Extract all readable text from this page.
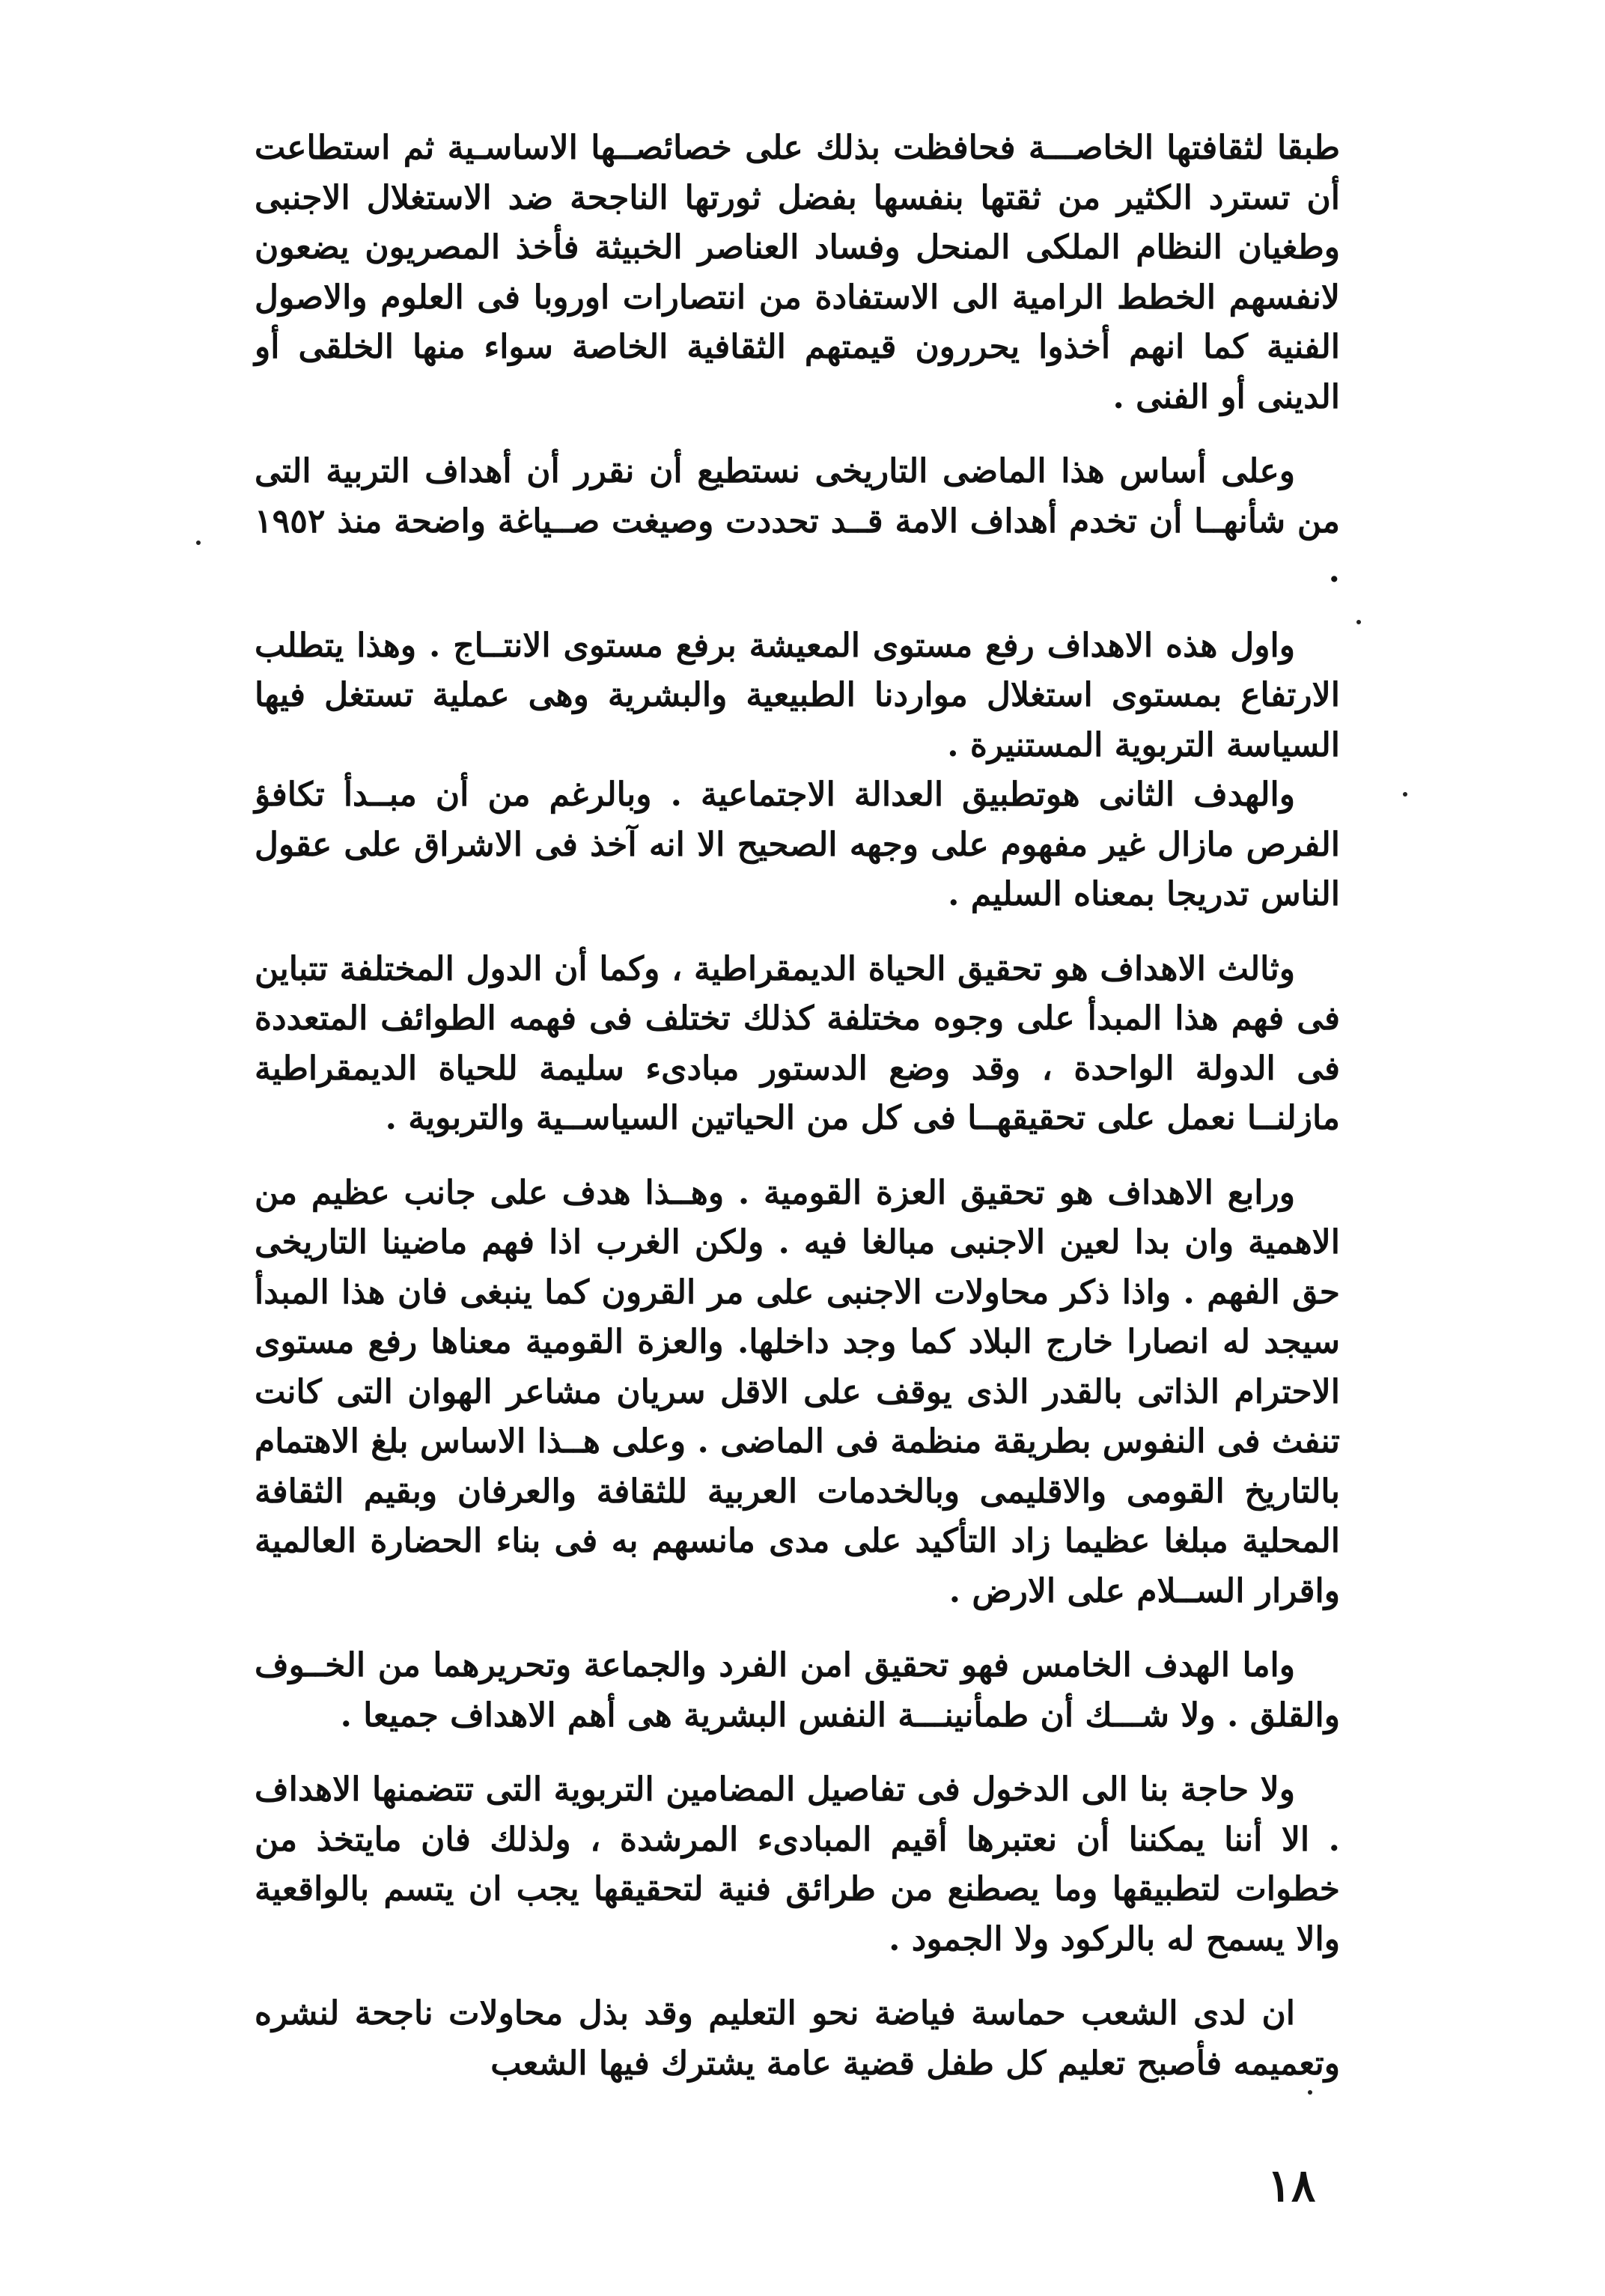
طبقا لثقافتها الخاصـــة فحافظت بذلك على خصائصــها الاساسـية ثم استطاعت أن تسترد الكثير من ثقتها بنفسها بفضل ثورتها الناجحة ضد الاستغلال الاجنبى وطغيان النظام الملكى المنحل وفساد العناصر الخبيثة فأخذ المصريون يضعون لانفسهم الخطط الرامية الى الاستفادة من انتصارات اوروبا فى العلوم والاصول الفنية كما انهم أخذوا يحررون قيمتهم الثقافية الخاصة سواء منها الخلقى أو الدينى أو الفنى .

وعلى أساس هذا الماضى التاريخى نستطيع أن نقرر أن أهداف التربية التى من شأنهــا أن تخدم أهداف الامة قــد تحددت وصيغت صــياغة واضحة منذ ١٩٥٢ .

واول هذه الاهداف رفع مستوى المعيشة برفع مستوى الانتــاج . وهذا يتطلب الارتفاع بمستوى استغلال مواردنا الطبيعية والبشرية وهى عملية تستغل فيها السياسة التربوية المستنيرة .

والهدف الثانى هوتطبيق العدالة الاجتماعية . وبالرغم من أن مبــدأ تكافؤ الفرص مازال غير مفهوم على وجهه الصحيح الا انه آخذ فى الاشراق على عقول الناس تدريجا بمعناه السليم .

وثالث الاهداف هو تحقيق الحياة الديمقراطية ، وكما أن الدول المختلفة تتباين فى فهم هذا المبدأ على وجوه مختلفة كذلك تختلف فى فهمه الطوائف المتعددة فى الدولة الواحدة ، وقد وضع الدستور مبادىء سليمة للحياة الديمقراطية مازلنــا نعمل على تحقيقهــا فى كل من الحياتين السياســية والتربوية .

ورابع الاهداف هو تحقيق العزة القومية . وهــذا هدف على جانب عظيم من الاهمية وان بدا لعين الاجنبى مبالغا فيه . ولكن الغرب اذا فهم ماضينا التاريخى حق الفهم . واذا ذكر محاولات الاجنبى على مر القرون كما ينبغى فان هذا المبدأ سيجد له انصارا خارج البلاد كما وجد داخلها. والعزة القومية معناها رفع مستوى الاحترام الذاتى بالقدر الذى يوقف على الاقل سريان مشاعر الهوان التى كانت تنفث فى النفوس بطريقة منظمة فى الماضى . وعلى هــذا الاساس بلغ الاهتمام بالتاريخ القومى والاقليمى وبالخدمات العربية للثقافة والعرفان وبقيم الثقافة المحلية مبلغا عظيما زاد التأكيد على مدى مانسهم به فى بناء الحضارة العالمية واقرار الســلام على الارض .

واما الهدف الخامس فهو تحقيق امن الفرد والجماعة وتحريرهما من الخــوف والقلق . ولا شـــك أن طمأنينـــة النفس البشرية هى أهم الاهداف جميعا .

ولا حاجة بنا الى الدخول فى تفاصيل المضامين التربوية التى تتضمنها الاهداف . الا أننا يمكننا أن نعتبرها أقيم المبادىء المرشدة ، ولذلك فان مايتخذ من خطوات لتطبيقها وما يصطنع من طرائق فنية لتحقيقها يجب ان يتسم بالواقعية والا يسمح له بالركود ولا الجمود .

ان لدى الشعب حماسة فياضة نحو التعليم وقد بذل محاولات ناجحة لنشره وتعميمه فأصبح تعليم كل طفل قضية عامة يشترك فيها الشعب

١٨
